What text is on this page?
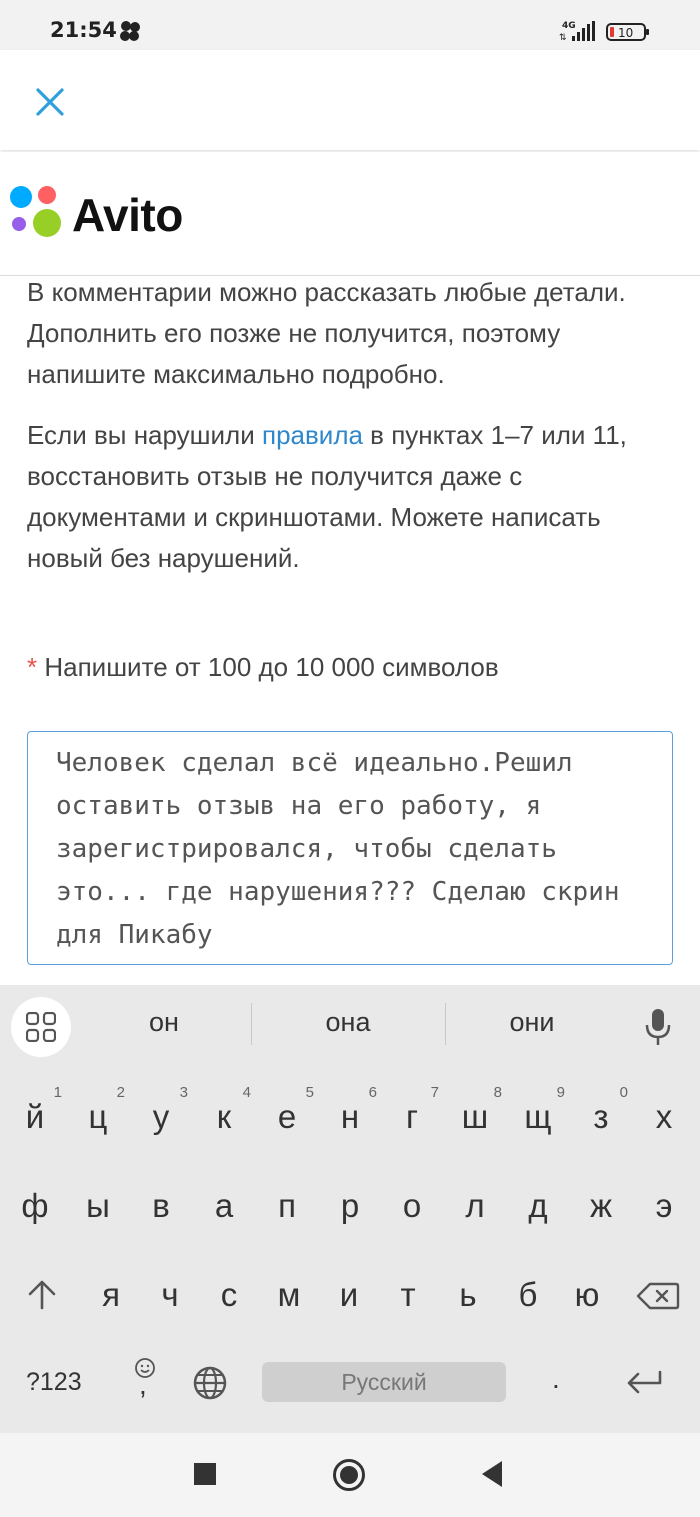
21:54	4G
⇅	10
Avito

В комментарии можно рассказать любые детали. Дополнить его позже не получится, поэтому напишите максимально подробно.

Если вы нарушили правила в пунктах 1–7 или 11, восстановить отзыв не получится даже с документами и скриншотами. Можете написать новый без нарушений.

* Напишите от 100 до 10 000 символов
Человек сделал всё идеально.Решил оставить отзыв на его работу, я зарегистрировался, чтобы сделать это... где нарушения??? Сделаю скрин для Пикабу
он	она	они
й
1
ц
2
у
3
к
4
е
5
н
6
г
7
ш
8
щ
9
з
0
х
ф	ы	в	а	п	р	о	л	д	ж	э
я	ч	с	м	и	т	ь	б	ю
?123 ,	Русский	.
